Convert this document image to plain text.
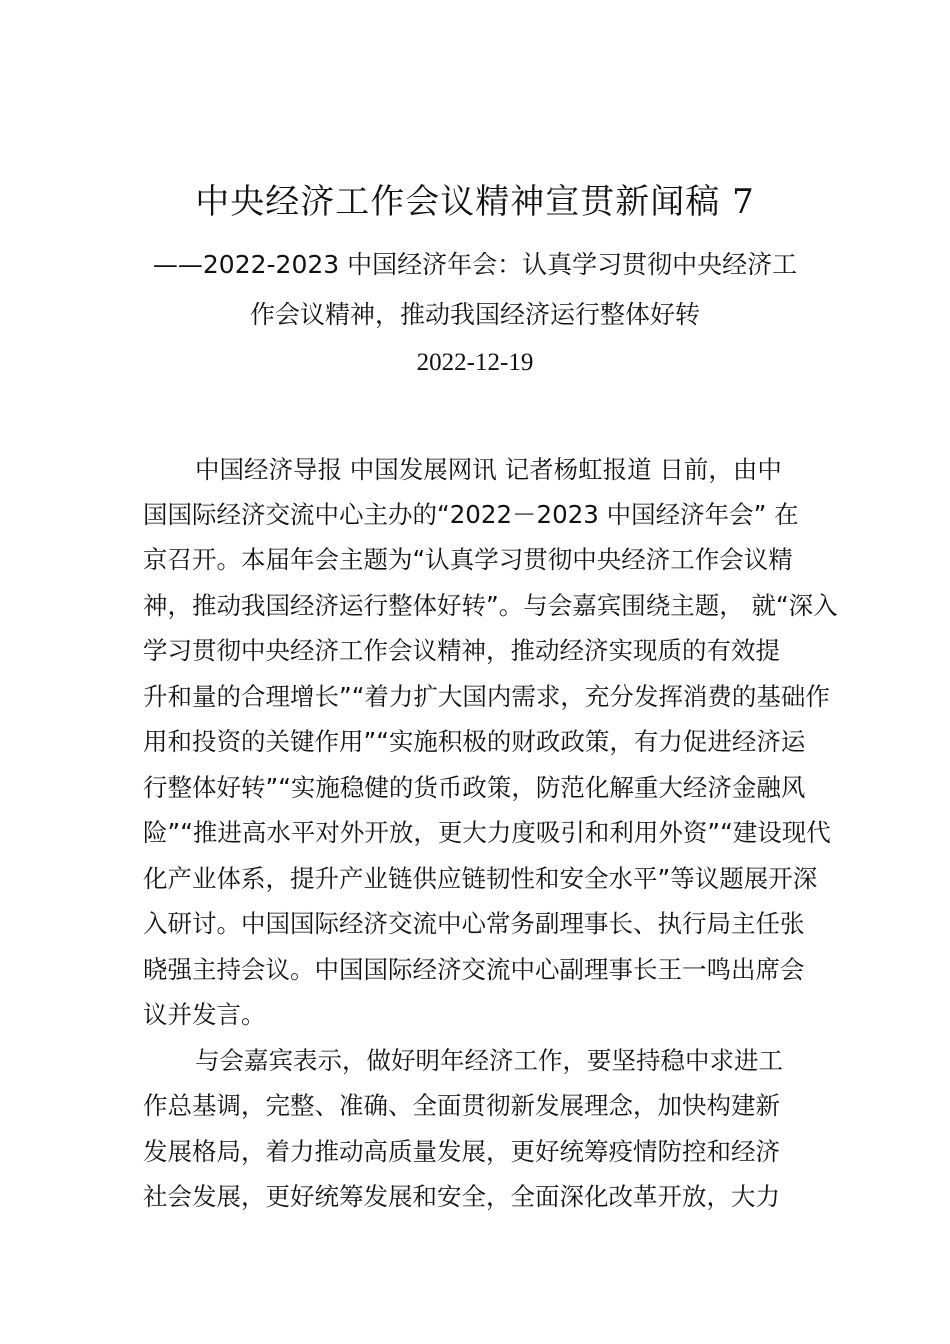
中央经济工作会议精神宣贯新闻稿 7
——2022-2023 中国经济年会：认真学习贯彻中央经济工
作会议精神，推动我国经济运行整体好转
2022-12-19
中国经济导报 中国发展网讯 记者杨虹报道 日前，由中
国国际经济交流中心主办的“2022－2023 中国经济年会” 在
京召开。本届年会主题为“认真学习贯彻中央经济工作会议精
神，推动我国经济运行整体好转”。与会嘉宾围绕主题， 就“深入
学习贯彻中央经济工作会议精神，推动经济实现质的有效提
升和量的合理增长”“着力扩大国内需求，充分发挥消费的基础作
用和投资的关键作用”“实施积极的财政政策，有力促进经济运
行整体好转”“实施稳健的货币政策，防范化解重大经济金融风
险”“推进高水平对外开放，更大力度吸引和利用外资”“建设现代
化产业体系，提升产业链供应链韧性和安全水平”等议题展开深
入研讨。中国国际经济交流中心常务副理事长、执行局主任张
晓强主持会议。中国国际经济交流中心副理事长王一鸣出席会
议并发言。
与会嘉宾表示，做好明年经济工作，要坚持稳中求进工
作总基调，完整、准确、全面贯彻新发展理念，加快构建新
发展格局，着力推动高质量发展，更好统筹疫情防控和经济
社会发展，更好统筹发展和安全，全面深化改革开放，大力
